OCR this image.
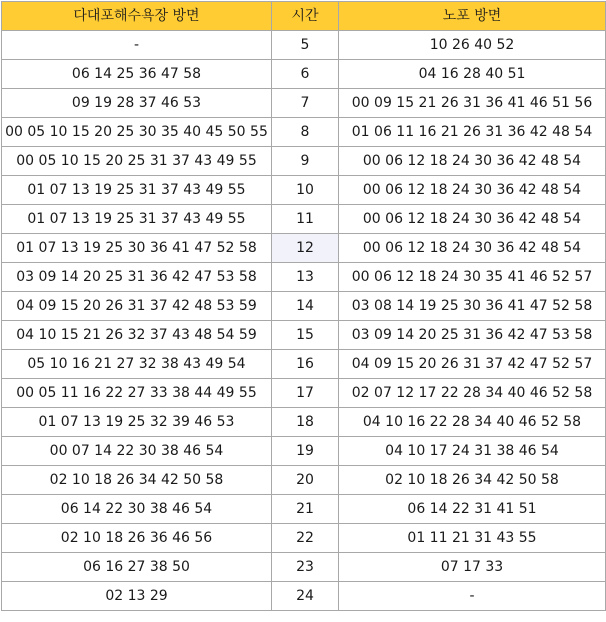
다대포해수욕장 방면	시간	노포 방면
-	5	10 26 40 52
06 14 25 36 47 58	6	04 16 28 40 51
09 19 28 37 46 53	7	00 09 15 21 26 31 36 41 46 51 56
00 05 10 15 20 25 30 35 40 45 50 55	8	01 06 11 16 21 26 31 36 42 48 54
00 05 10 15 20 25 31 37 43 49 55	9	00 06 12 18 24 30 36 42 48 54
01 07 13 19 25 31 37 43 49 55	10	00 06 12 18 24 30 36 42 48 54
01 07 13 19 25 31 37 43 49 55	11	00 06 12 18 24 30 36 42 48 54
01 07 13 19 25 30 36 41 47 52 58	12	00 06 12 18 24 30 36 42 48 54
03 09 14 20 25 31 36 42 47 53 58	13	00 06 12 18 24 30 35 41 46 52 57
04 09 15 20 26 31 37 42 48 53 59	14	03 08 14 19 25 30 36 41 47 52 58
04 10 15 21 26 32 37 43 48 54 59	15	03 09 14 20 25 31 36 42 47 53 58
05 10 16 21 27 32 38 43 49 54	16	04 09 15 20 26 31 37 42 47 52 57
00 05 11 16 22 27 33 38 44 49 55	17	02 07 12 17 22 28 34 40 46 52 58
01 07 13 19 25 32 39 46 53	18	04 10 16 22 28 34 40 46 52 58
00 07 14 22 30 38 46 54	19	04 10 17 24 31 38 46 54
02 10 18 26 34 42 50 58	20	02 10 18 26 34 42 50 58
06 14 22 30 38 46 54	21	06 14 22 31 41 51
02 10 18 26 36 46 56	22	01 11 21 31 43 55
06 16 27 38 50	23	07 17 33
02 13 29	24	-
